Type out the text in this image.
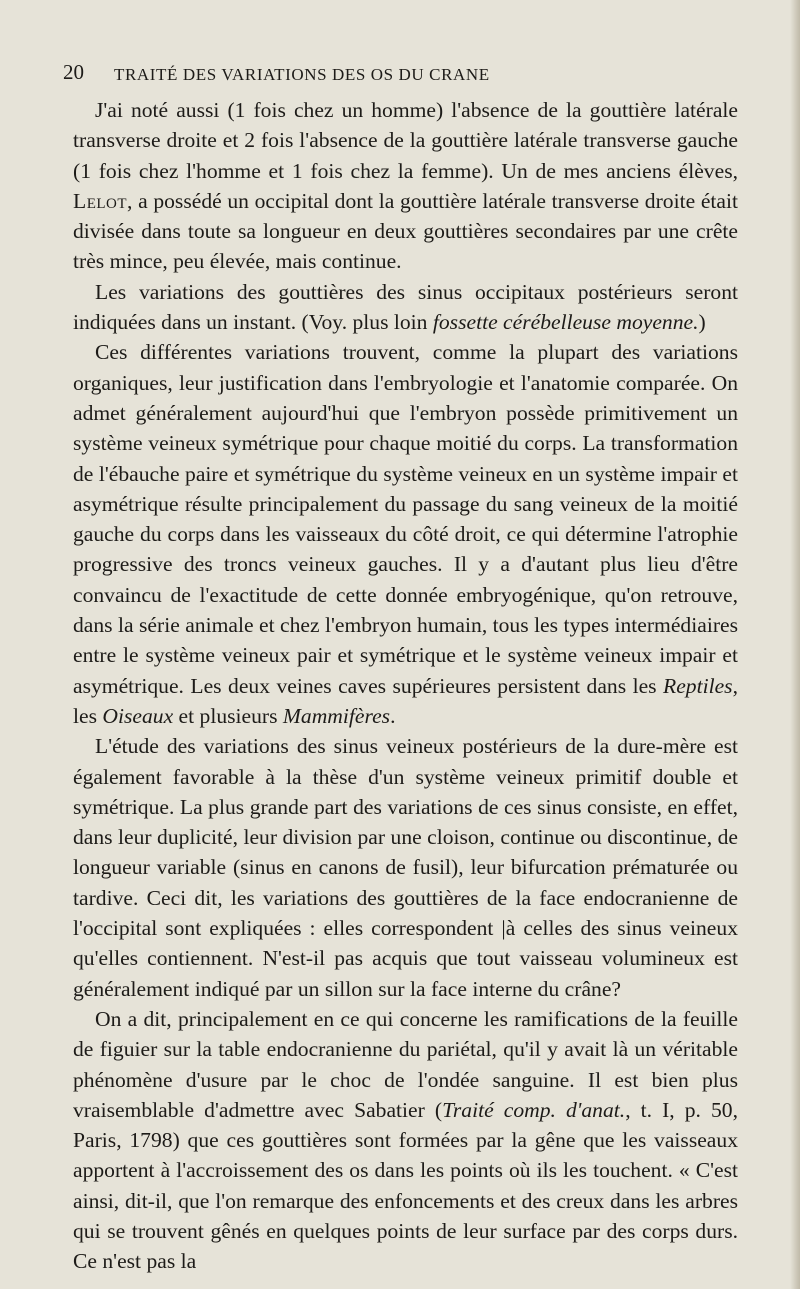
20 TRAITÉ DES VARIATIONS DES OS DU CRANE

J'ai noté aussi (1 fois chez un homme) l'absence de la gouttière latérale transverse droite et 2 fois l'absence de la gouttière latérale transverse gauche (1 fois chez l'homme et 1 fois chez la femme). Un de mes anciens élèves, Lelot, a possédé un occipital dont la gouttière latérale transverse droite était divisée dans toute sa longueur en deux gouttières secondaires par une crête très mince, peu élevée, mais continue.

Les variations des gouttières des sinus occipitaux postérieurs seront indiquées dans un instant. (Voy. plus loin fossette cérébelleuse moyenne.)

Ces différentes variations trouvent, comme la plupart des variations organiques, leur justification dans l'embryologie et l'anatomie comparée. On admet généralement aujourd'hui que l'embryon possède primitivement un système veineux symétrique pour chaque moitié du corps. La transformation de l'ébauche paire et symétrique du système veineux en un système impair et asymétrique résulte principalement du passage du sang veineux de la moitié gauche du corps dans les vaisseaux du côté droit, ce qui détermine l'atrophie progressive des troncs veineux gauches. Il y a d'autant plus lieu d'être convaincu de l'exactitude de cette donnée embryogénique, qu'on retrouve, dans la série animale et chez l'embryon humain, tous les types intermédiaires entre le système veineux pair et symétrique et le système veineux impair et asymétrique. Les deux veines caves supérieures persistent dans les Reptiles, les Oiseaux et plusieurs Mammifères.

L'étude des variations des sinus veineux postérieurs de la dure-mère est également favorable à la thèse d'un système veineux primitif double et symétrique. La plus grande part des variations de ces sinus consiste, en effet, dans leur duplicité, leur division par une cloison, continue ou discontinue, de longueur variable (sinus en canons de fusil), leur bifurcation prématurée ou tardive. Ceci dit, les variations des gouttières de la face endocranienne de l'occipital sont expliquées : elles correspondent |à celles des sinus veineux qu'elles contiennent. N'est-il pas acquis que tout vaisseau volumineux est généralement indiqué par un sillon sur la face interne du crâne?

On a dit, principalement en ce qui concerne les ramifications de la feuille de figuier sur la table endocranienne du pariétal, qu'il y avait là un véritable phénomène d'usure par le choc de l'ondée sanguine. Il est bien plus vraisemblable d'admettre avec Sabatier (Traité comp. d'anat., t. I, p. 50, Paris, 1798) que ces gouttières sont formées par la gêne que les vaisseaux apportent à l'accroissement des os dans les points où ils les touchent. « C'est ainsi, dit-il, que l'on remarque des enfoncements et des creux dans les arbres qui se trouvent gênés en quelques points de leur surface par des corps durs. Ce n'est pas la
